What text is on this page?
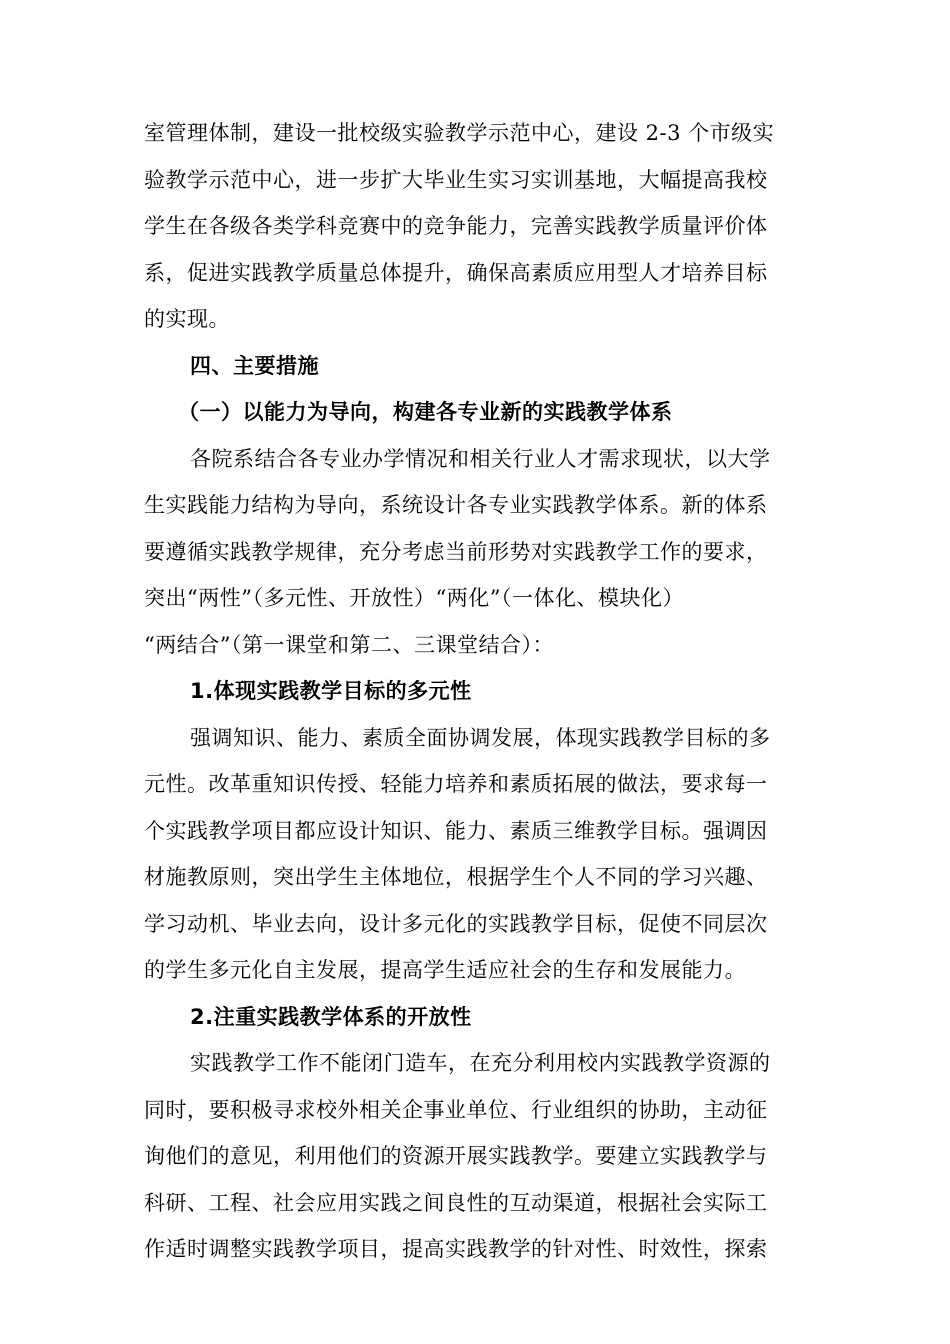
室管理体制，建设一批校级实验教学示范中心，建设 2-3 个市级实
验教学示范中心，进一步扩大毕业生实习实训基地，大幅提高我校
学生在各级各类学科竞赛中的竞争能力，完善实践教学质量评价体
系，促进实践教学质量总体提升，确保高素质应用型人才培养目标
的实现。
四、主要措施
（一）以能力为导向，构建各专业新的实践教学体系
各院系结合各专业办学情况和相关行业人才需求现状，以大学
生实践能力结构为导向，系统设计各专业实践教学体系。新的体系
要遵循实践教学规律，充分考虑当前形势对实践教学工作的要求，
突出“两性”（多元性、开放性）“两化”（一体化、模块化）
“两结合”（第一课堂和第二、三课堂结合）：
1.体现实践教学目标的多元性
强调知识、能力、素质全面协调发展，体现实践教学目标的多
元性。改革重知识传授、轻能力培养和素质拓展的做法，要求每一
个实践教学项目都应设计知识、能力、素质三维教学目标。强调因
材施教原则，突出学生主体地位，根据学生个人不同的学习兴趣、
学习动机、毕业去向，设计多元化的实践教学目标，促使不同层次
的学生多元化自主发展，提高学生适应社会的生存和发展能力。
2.注重实践教学体系的开放性
实践教学工作不能闭门造车，在充分利用校内实践教学资源的
同时，要积极寻求校外相关企事业单位、行业组织的协助，主动征
询他们的意见，利用他们的资源开展实践教学。要建立实践教学与
科研、工程、社会应用实践之间良性的互动渠道，根据社会实际工
作适时调整实践教学项目，提高实践教学的针对性、时效性，探索
